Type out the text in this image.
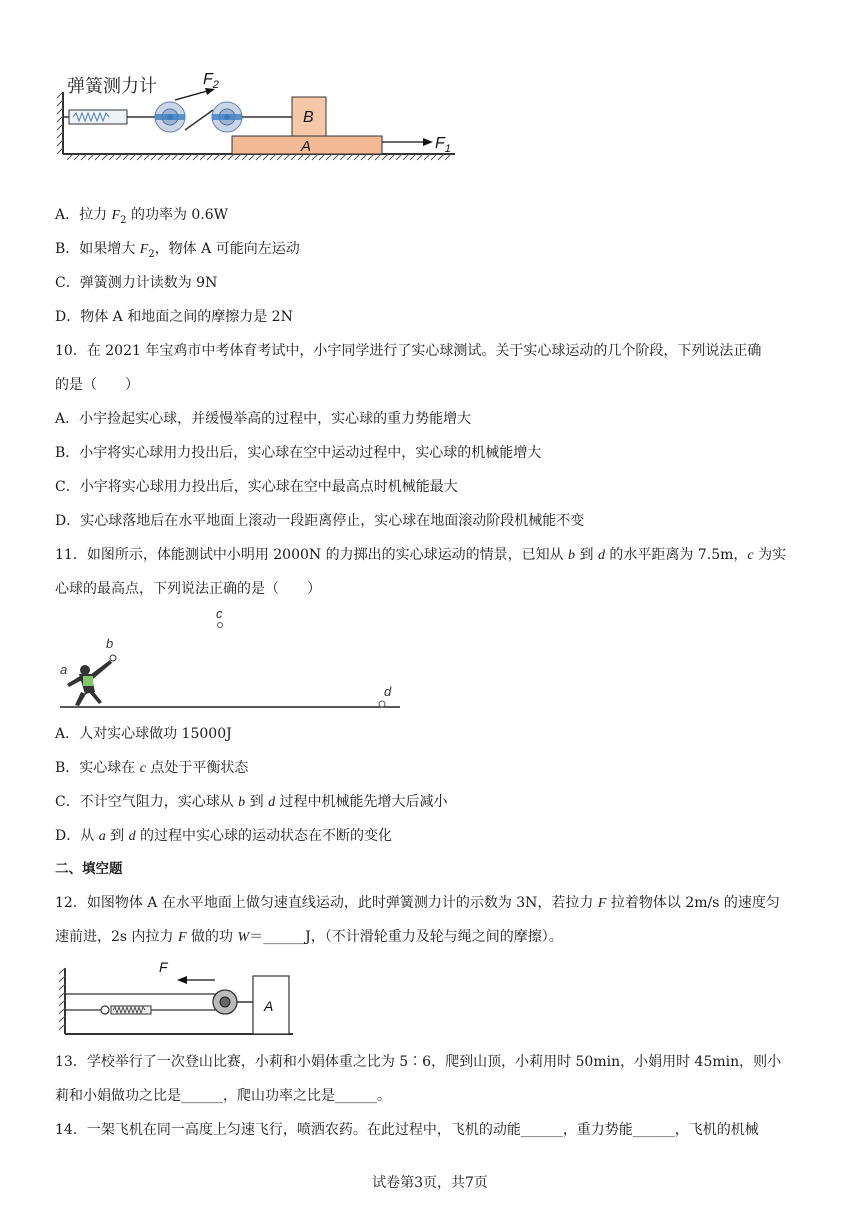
弹簧测力计	$F_2$
B
A	$F_1$
A．拉力 $F_2$ 的功率为 0.6W
B．如果增大 $F_2$，物体 A 可能向左运动
C．弹簧测力计读数为 9N
D．物体 A 和地面之间的摩擦力是 2N
10．在 2021 年宝鸡市中考体育考试中，小宇同学进行了实心球测试。关于实心球运动的几个阶段，下列说法正确
的是（　　）
A．小宇捡起实心球，并缓慢举高的过程中，实心球的重力势能增大
B．小宇将实心球用力投出后，实心球在空中运动过程中，实心球的机械能增大
C．小宇将实心球用力投出后，实心球在空中最高点时机械能最大
D．实心球落地后在水平地面上滚动一段距离停止，实心球在地面滚动阶段机械能不变
11．如图所示，体能测试中小明用 2000N 的力掷出的实心球运动的情景，已知从 b 到 d 的水平距离为 7.5m，c 为实
心球的最高点，下列说法正确的是（　　）
a
b
c
d
A．人对实心球做功 15000J
B．实心球在 c 点处于平衡状态
C．不计空气阻力，实心球从 b 到 d 过程中机械能先增大后减小
D．从 a 到 d 的过程中实心球的运动状态在不断的变化
二、填空题
12．如图物体 A 在水平地面上做匀速直线运动，此时弹簧测力计的示数为 3N，若拉力 F 拉着物体以 2m/s 的速度匀
速前进，2s 内拉力 F 做的功 W＝______J，（不计滑轮重力及轮与绳之间的摩擦）。
F
A
13．学校举行了一次登山比赛，小莉和小娟体重之比为 5∶6，爬到山顶，小莉用时 50min，小娟用时 45min，则小
莉和小娟做功之比是______，爬山功率之比是______。
14．一架飞机在同一高度上匀速飞行，喷洒农药。在此过程中，飞机的动能______，重力势能______，飞机的机械
试卷第3页，共7页
